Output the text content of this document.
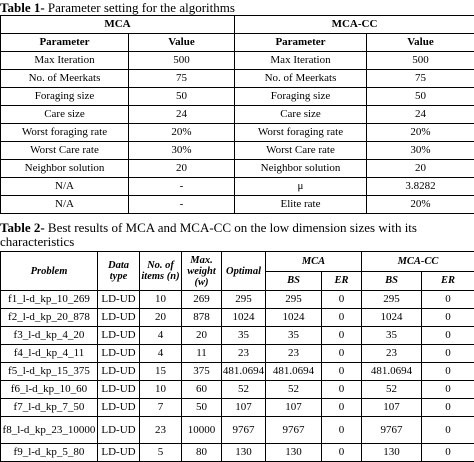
Table 1- Parameter setting for the algorithms
MCA		MCA-CC	
Parameter	Value	Parameter	Value
Max Iteration	500	Max Iteration	500
No. of Meerkats	75	No. of Meerkats	75
Foraging size	50	Foraging size	50
Care size	24	Care size	24
Worst foraging rate	20%	Worst foraging rate	20%
Worst Care rate	30%	Worst Care rate	30%
Neighbor solution	20	Neighbor solution	20
N/A	-	μ	3.8282
N/A	-	Elite rate	20%
Table 2- Best results of MCA and MCA-CC on the low dimension sizes with its characteristics
Problem	Data type	No. of items (n)	Max. weight (w)	Optimal	MCA		MCA-CC	
					BS	ER	BS	ER
f1_l-d_kp_10_269	LD-UD	10	269	295	295	0	295	0
f2_l-d_kp_20_878	LD-UD	20	878	1024	1024	0	1024	0
f3_l-d_kp_4_20	LD-UD	4	20	35	35	0	35	0
f4_l-d_kp_4_11	LD-UD	4	11	23	23	0	23	0
f5_l-d_kp_15_375	LD-UD	15	375	481.0694	481.0694	0	481.0694	0
f6_l-d_kp_10_60	LD-UD	10	60	52	52	0	52	0
f7_l-d_kp_7_50	LD-UD	7	50	107	107	0	107	0
f8_l-d_kp_23_10000	LD-UD	23	10000	9767	9767	0	9767	0
f9_l-d_kp_5_80	LD-UD	5	80	130	130	0	130	0
